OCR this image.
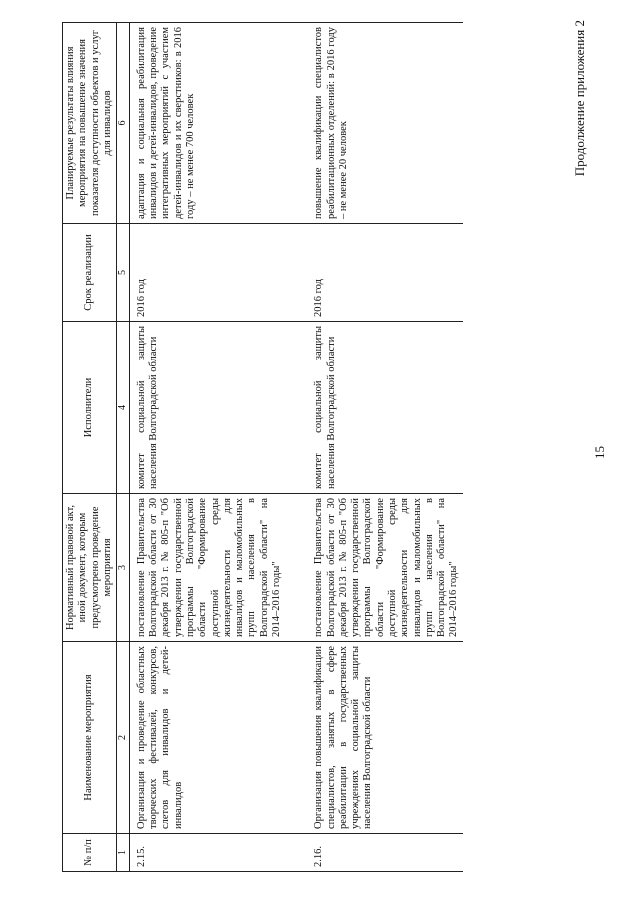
15
Продолжение приложения 2
№ п/п	Наименование мероприятия	Нормативный правовой акт, иной документ, которым предусмотрено проведение мероприятия	Исполнители	Срок реализации	Планируемые результаты влияния мероприятия на повышение значения показателя доступности объектов и услуг для инвалидов
1	2	3	4	5	6
2.15.	Организация и проведение областных творческих фестивалей, конкурсов, слетов для инвалидов и детей-инвалидов	постановление Правительства Волгоградской области от 30 декабря 2013 г. № 805-п "Об утверждении государственной программы Волгоградской области "Формирование доступной среды жизнедеятельности для инвалидов и маломобильных групп населения в Волгоградской области" на 2014–2016 годы"	комитет социальной защиты населения Волгоградской области	2016 год	адаптация и социальная реабилитация инвалидов и детей-инвалидов, проведение интегративных мероприятий с участием детей-инвалидов и их сверстников: в 2016 году – не менее 700 человек
2.16.	Организация повышения квалификации специалистов, занятых в сфере реабилитации в государственных учреждениях социальной защиты населения Волгоградской области	постановление Правительства Волгоградской области от 30 декабря 2013 г. № 805-п "Об утверждении государственной программы Волгоградской области "Формирование доступной среды жизнедеятельности для инвалидов и маломобильных групп населения в Волгоградской области" на 2014–2016 годы"	комитет социальной защиты населения Волгоградской области	2016 год	повышение квалификации специалистов реабилитационных отделений: в 2016 году – не менее 20 человек
